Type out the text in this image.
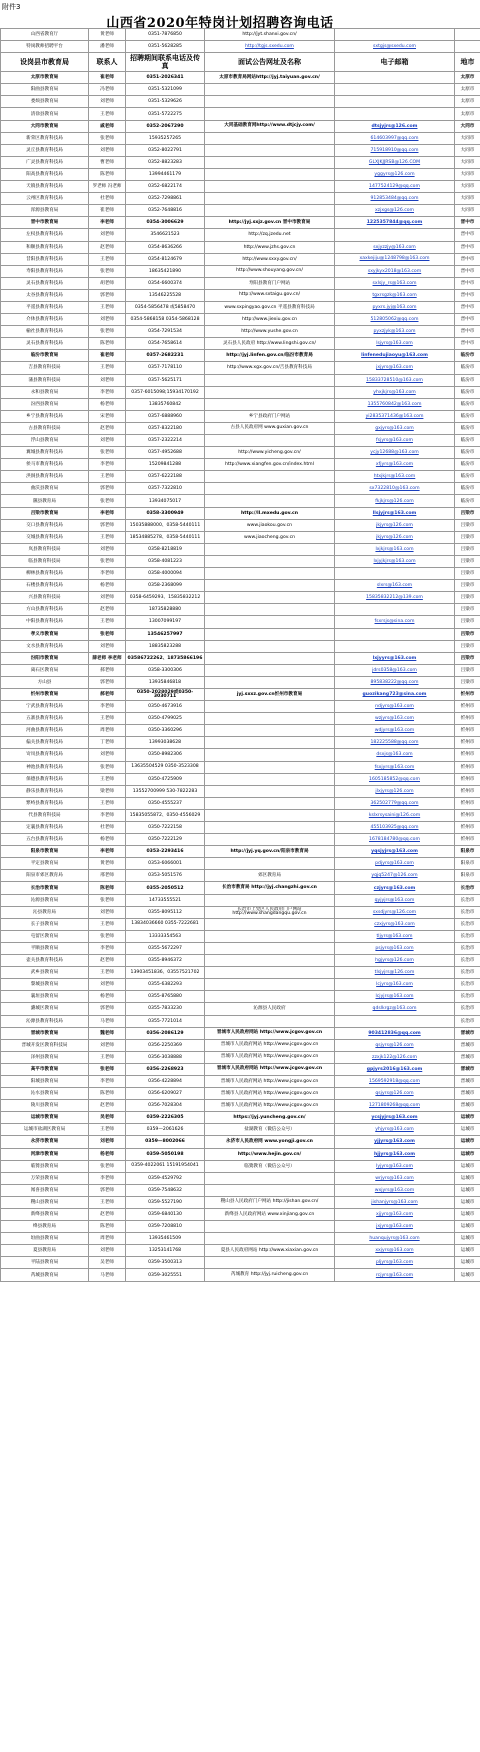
附件3
山西省2020年特岗计划招聘咨询电话
山西省教育厅	黄老师	0351-7876850	http://jyt.shanxi.gov.cn/		
特岗教师招聘平台	潘老师	0351-5628285	http://tgjs.sxedu.com	sxtgjs@sxedu.com	
设岗县市教育局	联系人	招聘期间联系电话及传真	面试公告网址及名称	电子邮箱	地市
太原市教育局	崔老师	0351-2026341	太原市教育局网站http://jyj.taiyuan.gov.cn/		太原市
阳曲县教育局	冯老师	0351-5321099			太原市
娄烦县教育局	刘老师	0351-5329626			太原市
清徐县教育局	王老师	0351-5722275			太原市
大同市教育局	戚老师	0352-2067290	大同基础教育网http://www.dtjcjy.com/	dtsjyjrs@126.com	大同市
新荣区教育科技局	张老师	15935257265		614603997@qq.com	大同市
灵丘县教育科技局	刘老师	0352-8022791		715918910@qq.com	大同市
广灵县教育科技局	曹老师	0352-8823283		GLXJKJJRSB@126.COM	大同市
阳高县教育科技局	陈老师	13994461179		yggyrs@126.com	大同市
天镇县教育科技局	罗老师 冯老师	0352-6822174		1477524129@qq.com	大同市
云州区教育科技局	杜老师	0352-7298861		912853484@qq.com	大同市
浑源县教育局	崔老师	0352-7648816		xzjxgs@126.com	大同市
晋中市教育局	李老师	0354-3006629	http://jyj.sxjz.gov.cn 晋中市教育局	1225357844@qq.com	晋中市
左权县教育科技局	刘老师	3546621523	http://zq.jzedu.net		晋中市
和顺县教育科技局	赵老师	0354-8636266	http://www.jzhs.gov.cn	sxjyzzjy@163.com	晋中市
昔阳县教育科技局	王老师	0354-8124679	http://www.sxxy.gov.cn/	xaxkejiju@1248798@163.com	晋中市
寿阳县教育科技局	张老师	18635421890	http://www.shouyang.gov.cn/	sxyjkyx2018@163.com	晋中市
灵石县教育科技局	胡老师	0354-6600374	寿阳县教育门户网站	sxlsjy_rs@163.com	晋中市
太谷县教育科技局	郭老师	13546225528	http://www.sxtaigu.gov.cn/	tgxrsgzk@163.com	晋中市
平遥县教育科技局	王老师	0354-5856478 或5858470	www.sxpingyao.gov.cn 平遥县教育科技局	pyxrs.jyj@163.com	晋中市
介休县教育科技局	刘老师	0354-5868158 0354-5868128	http://www.jiexiu.gov.cn	512805062@qq.com	晋中市
榆社县教育科技局	张老师	0354-7291534	http://www.yushe.gov.cn	pyxzjyk@163.com	晋中市
灵石县教育科技局	陈老师	0354-7658614	灵石县人民政府 http://www.lingshi.gov.cn/	lsjyrs@163.com	晋中市
临汾市教育局	崔老师	0357-2682231	http://jyj.linfen.gov.cn/临汾市教育局	linfenedujiaoyu@163.com	临汾市
吉县教育科技局	王老师	0357-7178110	http://www.xgx.gov.cn/吉县教育科技局	jxjyrs@163.com	临汾市
蒲县教育科技局	刘老师	0357-5625171		15833728510@163.com	临汾市
永和县教育局	李老师	0357-6015098;15934170192		yhxjkjrs@163.com	临汾市
汾西县教育局	杨老师	13835760842		1355760842@163.com	临汾市
乡宁县教育科技局	宋老师	0357-6888960	乡宁县政府门户网站	yi2835371436@163.com	临汾市
古县教育科技局	赵老师	0357-8322180	古县人民政府网 www.guxian.gov.cn	gxjyrs@163.com	临汾市
浮山县教育局	刘老师	0357-2322214		fsjyrs@163.com	临汾市
翼城县教育科技局	张老师	0357-4952688	http://www.yicheng.gov.cn/	ycjy12688@163.com	临汾市
侯马市教育科技局	李老师	15209841288	http://www.xiangfen.gov.cn/index.html	xfjyrs@163.com	临汾市
洪洞县教育科技局	王老师	0357-6222188		htxjkjrs@163.com	临汾市
曲沃县教育局	郭老师	0357-7322810		sx7322810@163.com	临汾市
隰县教育局	张老师	13934075017		fkjkjrs@126.com	临汾市
吕梁市教育局	李老师	0358-3300949	http://ll.mxedu.gov.cn	llsjyjrs@163.com	吕梁市
交口县教育科技局	郭老师	15035888000、0358-5440111	www.jiaokou.gov.cn	jkjyrs@126.com	吕梁市
交城县教育科技局	王老师	18534885278、0358-5440111	www.jiaocheng.gov.cn	jkjyrs@126.com	吕梁市
岚县教育科技局	刘老师	0358-8218819		lxjkjrs@163.com	吕梁市
临县教育科技局	张老师	0358-4081223		lxjyjkjrs@163.com	吕梁市
柳林县教育科技局	李老师	0358-4000094			吕梁市
石楼县教育科技局	杨老师	0358-2368099		slxrs@163.com	吕梁市
兴县教育科技局	刘老师	0358-6459293、15835832212		15835832212@139.com	吕梁市
方山县教育科技局	赵老师	18735828880			吕梁市
中阳县教育科技局	王老师	13007099197		fsxrsjs@sina.com	吕梁市
孝义市教育局	张老师	13546257997			吕梁市
文水县教育科技局	刘老师	18835823288			吕梁市
汾阳市教育局	薛老师 李老师	03586722262、18735866196		lxjyyrs@163.com	吕梁市
离石区教育局	郝老师	0358-3300306		jdrs0358@163.com	吕梁市
方山县	郭老师	13935846818		895838222@qq.com	吕梁市
忻州市教育局	郝老师	0350-2028029或0350-3030711	jyj.sxxz.gov.cn忻州市教育局	guozikang723@sina.com	忻州市
宁武县教育科技局	李老师	0350-4673916		ndjyrs@163.com	忻州市
五寨县教育科技局	王老师	0350-4799025		wzjyrs@163.com	忻州市
河曲县教育科技局	周老师	0350-3360296		wdjyrs@163.com	忻州市
偏关县教育科技局	丁老师	13993038628		182225588@qq.com	忻州市
岢岚县教育科技局	刘老师	0350-8982306		dsxjs@163.com	忻州市
神池县教育科技局	张老师	13635504529 0350-3523308		fsxjyrs@163.com	忻州市
保德县教育科技局	王老师	0350-4725909		1605185852@qq.com	忻州市
静乐县教育科技局	梁老师	13552700999 530-7822283		jlxjyrs@126.com	忻州市
繁峙县教育科技局	王老师	0350-4555237		362502779@qq.com	忻州市
代县教育科技局	李老师	15835055872、0350-4556029		kslxrsysaini@126.com	忻州市
定襄县教育科技局	杜老师	0350-7222158		455103925@qq.com	忻州市
五台县教育科技局	杨老师	0350-7222129		1678184780@qq.com	忻州市
阳泉市教育局	李老师	0353-2293416	http://jyj.yq.gov.cn/阳泉市教育局	yqsjyjrs@163.com	阳泉市
平定县教育局	黄老师	0353-6066001		pdjyrs@163.com	阳泉市
阳泉市郊区教育局	邢老师	0353-5051576	郊区教育局	yqjq5247@126.com	阳泉市
长治市教育局	陈老师	0355-2050512	长治市教育局 http://jyj.changzhi.gov.cn	czjyrs@163.com	长治市
沁源县教育局	张老师	14733555521		qyjyjrs@163.com	长治市
沁县教育局	刘老师	0355-8095112	长治市上党区人民政府门户网站 http://www.shangdangqu.gov.cn	sxsdjyrs@126.com	长治市
长子县教育局	王老师	13834036660 0355-7222681		czxjyrs@163.com	长治市
屯留区教育局	张老师	13333354563		tljyrs@163.com	长治市
平顺县教育局	李老师	0355-5672297		psjyrs@163.com	长治市
壶关县教育科技局	赵老师	0355-8946372		hgjyrs@126.com	长治市
武乡县教育局	王老师	13903451836、03557521702		tlsjyjrs@126.com	长治市
黎城县教育局	刘老师	0355-6382293		lcjyrs@163.com	长治市
襄垣县教育局	杨老师	0355-8765880		lcjyjrs@163.com	长治市
潞城区教育局	郭老师	0355-7833230	沁源县人民政府	qdslkrgz@163.com	长治市
沁源县教育科技局	马老师	0355-7721014			长治市
晋城市教育局	魏老师	0356-2086129	晋城市人民政府网站 http://www.jcgov.gov.cn	903412836@qq.com	晋城市
晋城开发区教育科技局	刘老师	0356-2250369	晋城市人民政府网站 http://www.jcgov.gov.cn	qsjyrs@126.com	晋城市
泽州县教育局	王老师	0356-3038888	晋城市人民政府网站 http://www.jcgov.gov.cn	zzxjk122@126.com	晋城市
高平市教育局	张老师	0356-2268923	晋城市人民政府网站 http://www.jcgov.gov.cn	gpjyrs2016@163.com	晋城市
阳城县教育局	李老师	0356-4228894	晋城市人民政府网站 http://www.jcgov.gov.cn	1569592918@qq.com	晋城市
沁水县教育局	陈老师	0356-6209027	晋城市人民政府网站 http://www.jcgov.gov.cn	qsjyrs@126.com	晋城市
陵川县教育局	赵老师	0356-7028304	晋城市人民政府网站 http://www.jcgov.gov.cn	1271809268@qq.com	晋城市
运城市教育局	吴老师	0359-2226305	https://jyj.yuncheng.gov.cn/	ycsjyjrs@163.com	运城市
运城市盐湖区教育局	王老师	0359—2061626	盐湖教育（微信公众号）	yhjyrs@163.com	运城市
永济市教育局	刘老师	0359—8002066	永济市人民政府网 www.yongji.gov.cn	yjjyrs@163.com	运城市
河津市教育局	杨老师	0359-5050198	http://www.hejin.gov.cn/	hjjyrs@163.com	运城市
临猗县教育局	张老师	0359-4022061 15191954041	临猗教育（微信公众号）	lyjyrs@163.com	运城市
万荣县教育局	李老师	0359-4529792		wrjyrs@163.com	运城市
闻喜县教育局	郭老师	0359-7548632		wxjyrs@163.com	运城市
稷山县教育局	王老师	0359-5527190	稷山县人民政府门户网站 http://jishan.gov.cn/	jishanjyrs@163.com	运城市
新绛县教育局	赵老师	0359-6840130	新绛县人民政府网站 www.xinjiang.gov.cn	xjjyrs@163.com	运城市
绛县教育局	陈老师	0359-7208810		jxjyrs@163.com	运城市
垣曲县教育局	周老师	13935461509		huanqujyrs@163.com	运城市
夏县教育局	刘老师	13253141768	夏县人民政府网站 http://www.xiaxian.gov.cn	xxjyrs@163.com	运城市
平陆县教育局	吴老师	0359-3500313		pljyrs@163.com	运城市
芮城县教育局	马老师	0359-3025551	芮城教育 http://jyj.ruicheng.gov.cn	rcjyrs@163.com	运城市
